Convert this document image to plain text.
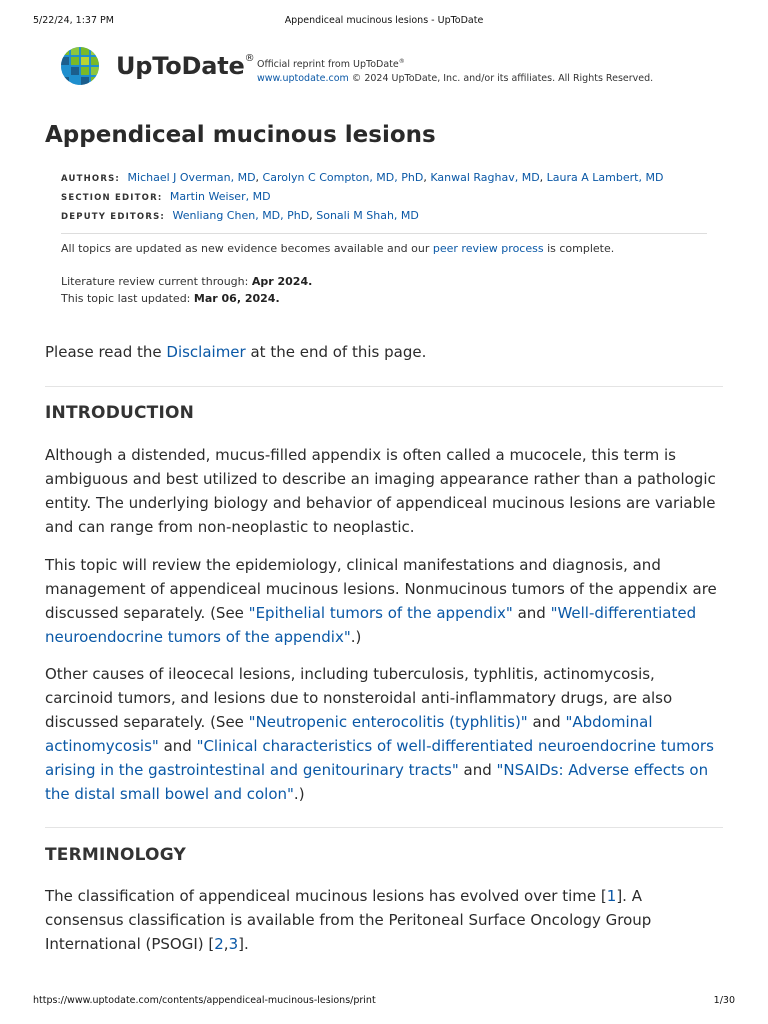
5/22/24, 1:37 PM	Appendiceal mucinous lesions - UpToDate
UpToDate®
Official reprint from UpToDate®
www.uptodate.com © 2024 UpToDate, Inc. and/or its affiliates. All Rights Reserved.
Appendiceal mucinous lesions
AUTHORS: Michael J Overman, MD, Carolyn C Compton, MD, PhD, Kanwal Raghav, MD, Laura A Lambert, MD
SECTION EDITOR: Martin Weiser, MD
DEPUTY EDITORS: Wenliang Chen, MD, PhD, Sonali M Shah, MD
All topics are updated as new evidence becomes available and our peer review process is complete.
Literature review current through: Apr 2024.
This topic last updated: Mar 06, 2024.
Please read the Disclaimer at the end of this page.
INTRODUCTION

Although a distended, mucus-filled appendix is often called a mucocele, this term is ambiguous and best utilized to describe an imaging appearance rather than a pathologic entity. The underlying biology and behavior of appendiceal mucinous lesions are variable and can range from non-neoplastic to neoplastic.

This topic will review the epidemiology, clinical manifestations and diagnosis, and management of appendiceal mucinous lesions. Nonmucinous tumors of the appendix are discussed separately. (See "Epithelial tumors of the appendix" and "Well-differentiated neuroendocrine tumors of the appendix".)

Other causes of ileocecal lesions, including tuberculosis, typhlitis, actinomycosis, carcinoid tumors, and lesions due to nonsteroidal anti-inflammatory drugs, are also discussed separately. (See "Neutropenic enterocolitis (typhlitis)" and "Abdominal actinomycosis" and "Clinical characteristics of well-differentiated neuroendocrine tumors arising in the gastrointestinal and genitourinary tracts" and "NSAIDs: Adverse effects on the distal small bowel and colon".)

TERMINOLOGY

The classification of appendiceal mucinous lesions has evolved over time [1]. A consensus classification is available from the Peritoneal Surface Oncology Group International (PSOGI) [2,3].

https://www.uptodate.com/contents/appendiceal-mucinous-lesions/print	1/30
